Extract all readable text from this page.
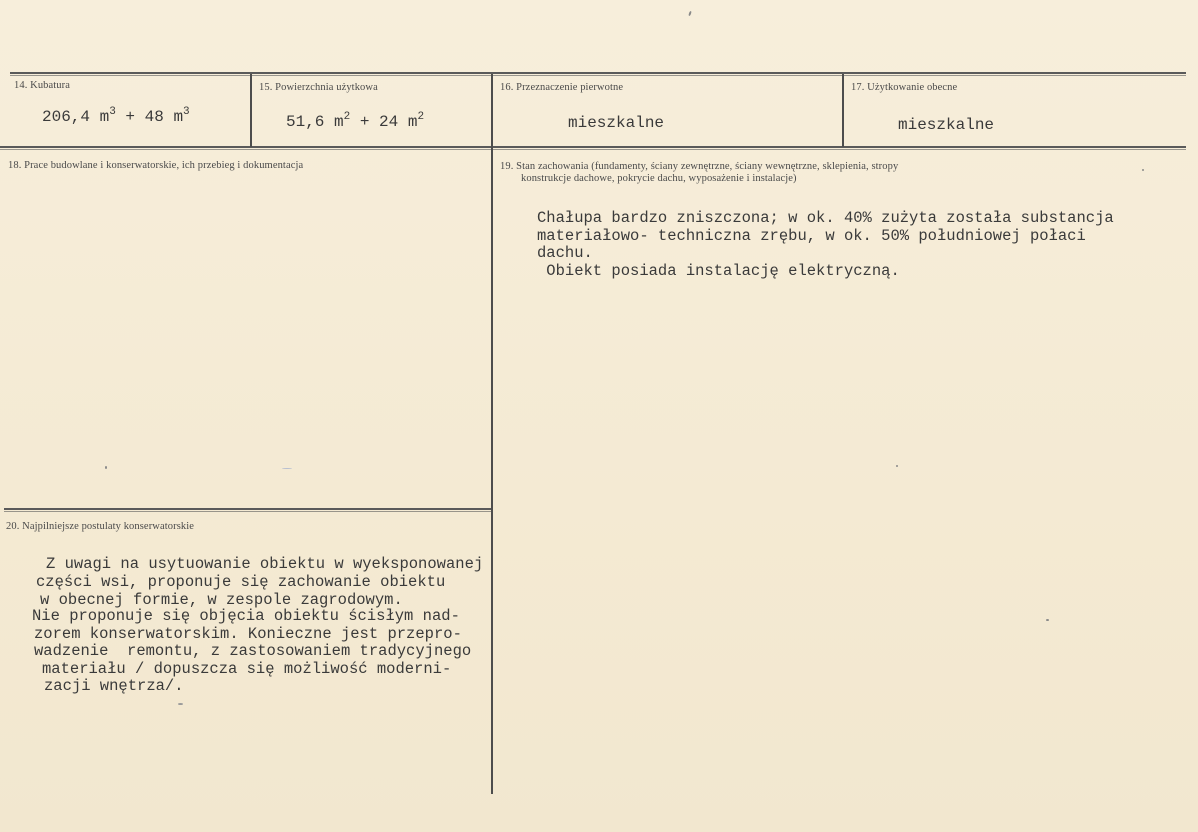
14. Kubatura
206,4 $m^3 + 48$ $m^3$
15. Powierzchnia użytkowa
51,6 $m^2 + 24$ $m^2$
16. Przeznaczenie pierwotne
mieszkalne
17. Użytkowanie obecne
mieszkalne
18. Prace budowlane i konserwatorskie, ich przebieg i dokumentacja	19. Stan zachowania (fundamenty, ściany zewnętrzne, ściany wewnętrzne, sklepienia, stropy
konstrukcje dachowe, pokrycie dachu, wyposażenie i instalacje)
Chałupa bardzo zniszczona; w ok. 40% zużyta została substancja
materiałowo- techniczna zrębu, w ok. 50% południowej połaci
dachu.
Obiekt posiada instalację elektryczną.
20. Najpilniejsze postulaty konserwatorskie
Z uwagi na usytuowanie obiektu w wyeksponowanej
części wsi, proponuje się zachowanie obiektu
w obecnej formie, w zespole zagrodowym.
Nie proponuje się objęcia obiektu ścisłym nad-
zorem konserwatorskim. Konieczne jest przepro-
wadzenie  remontu, z zastosowaniem tradycyjnego
materiału / dopuszcza się możliwość moderni-
zacji wnętrza/.
